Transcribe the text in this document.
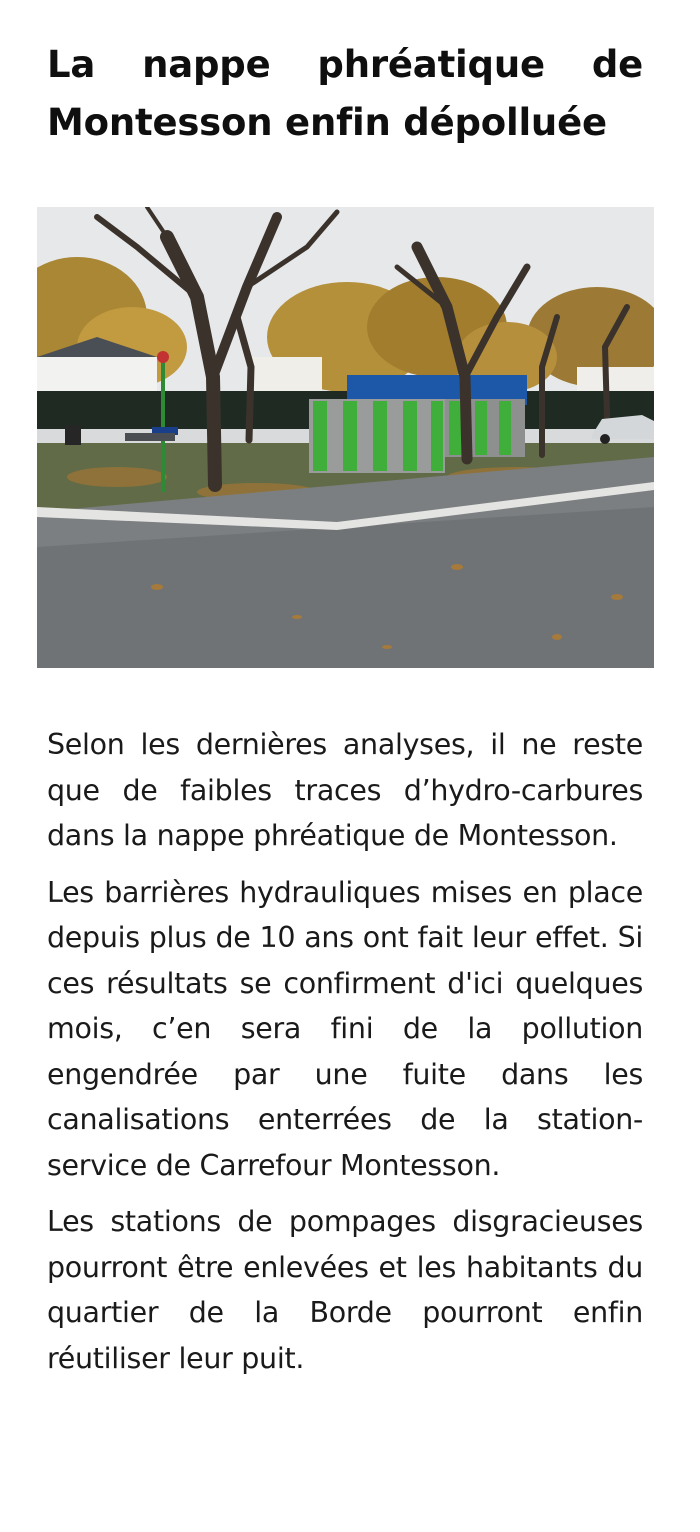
La nappe phréatique de Montesson enfin dépolluée

Selon les dernières analyses, il ne reste que de faibles traces d’hydro-carbures dans la nappe phréatique de Montesson.

Les barrières hydrauliques mises en place depuis plus de 10 ans ont fait leur effet. Si ces résultats se confirment d'ici quelques mois, c’en sera fini de la pollution engendrée par une fuite dans les canalisations enterrées de la station-service de Carrefour Montesson.

Les stations de pompages disgracieuses pourront être enlevées et les habitants du quartier de la Borde pourront enfin réutiliser leur puit.
